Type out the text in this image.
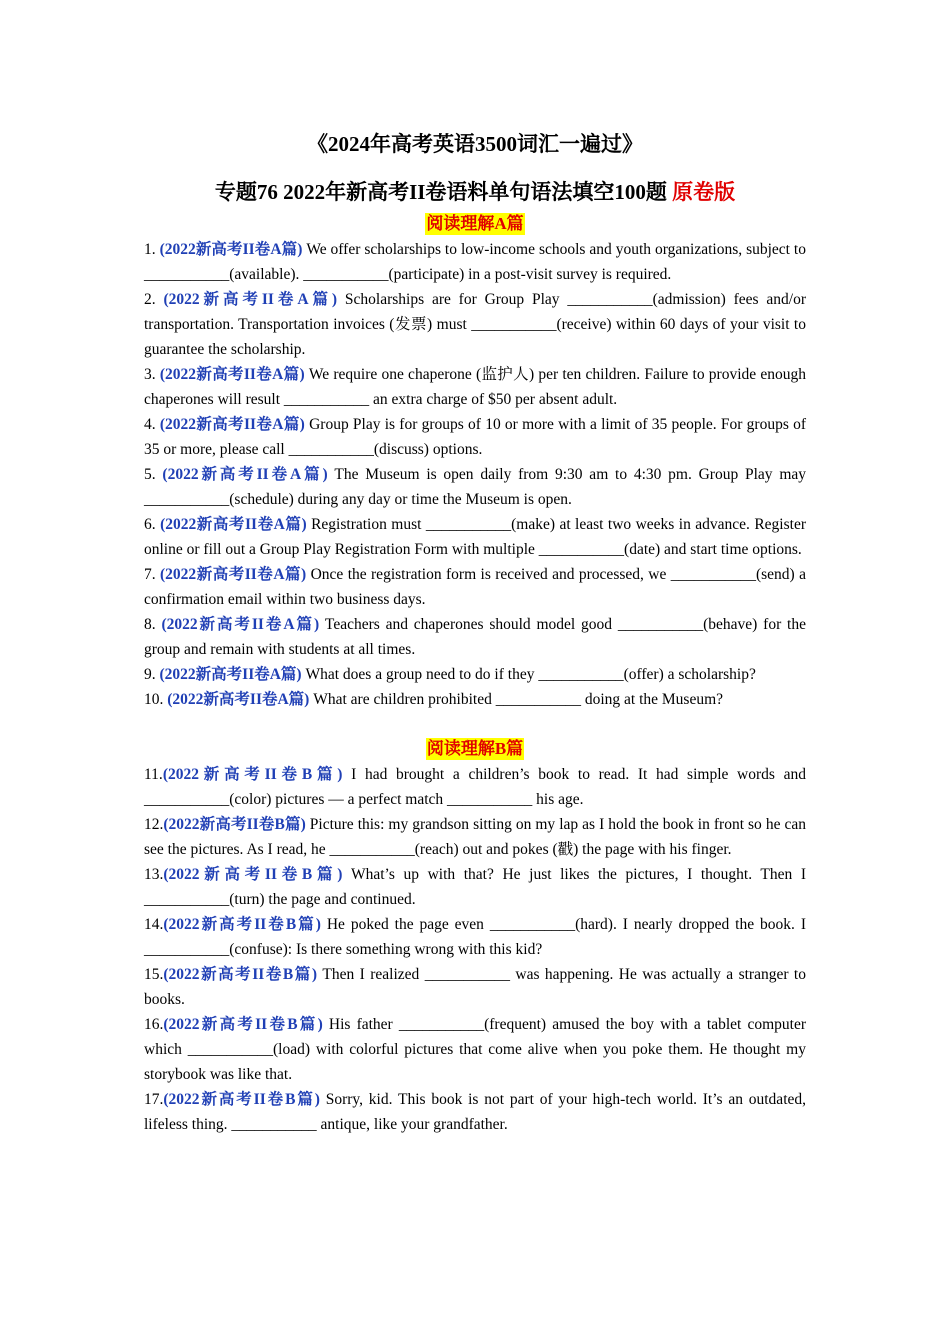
《2024年高考英语3500词汇一遍过》
专题76 2022年新高考II卷语料单句语法填空100题 原卷版
阅读理解A篇

1. (2022新高考II卷A篇) We offer scholarships to low-income schools and youth organizations, subject to ___________(available). ___________(participate) in a post-visit survey is required.

2. (2022新高考II卷A篇) Scholarships are for Group Play ___________(admission) fees and/or transportation. Transportation invoices (发票) must ___________(receive) within 60 days of your visit to guarantee the scholarship.

3. (2022新高考II卷A篇) We require one chaperone (监护人) per ten children. Failure to provide enough chaperones will result ___________ an extra charge of $50 per absent adult.

4. (2022新高考II卷A篇) Group Play is for groups of 10 or more with a limit of 35 people. For groups of 35 or more, please call ___________(discuss) options.

5. (2022新高考II卷A篇) The Museum is open daily from 9:30 am to 4:30 pm. Group Play may ___________(schedule) during any day or time the Museum is open.

6. (2022新高考II卷A篇) Registration must ___________(make) at least two weeks in advance. Register online or fill out a Group Play Registration Form with multiple ___________(date) and start time options.

7. (2022新高考II卷A篇) Once the registration form is received and processed, we ___________(send) a confirmation email within two business days.

8. (2022新高考II卷A篇) Teachers and chaperones should model good ___________(behave) for the group and remain with students at all times.

9. (2022新高考II卷A篇) What does a group need to do if they ___________(offer) a scholarship?

10. (2022新高考II卷A篇) What are children prohibited ___________ doing at the Museum?

阅读理解B篇

11.(2022新高考II卷B篇) I had brought a children’s book to read. It had simple words and ___________(color) pictures — a perfect match ___________ his age.

12.(2022新高考II卷B篇) Picture this: my grandson sitting on my lap as I hold the book in front so he can see the pictures. As I read, he ___________(reach) out and pokes (戳) the page with his finger.

13.(2022新高考II卷B篇) What’s up with that? He just likes the pictures, I thought. Then I ___________(turn) the page and continued.

14.(2022新高考II卷B篇) He poked the page even ___________(hard). I nearly dropped the book. I ___________(confuse): Is there something wrong with this kid?

15.(2022新高考II卷B篇) Then I realized ___________ was happening. He was actually a stranger to books.

16.(2022新高考II卷B篇) His father ___________(frequent) amused the boy with a tablet computer which ___________(load) with colorful pictures that come alive when you poke them. He thought my storybook was like that.

17.(2022新高考II卷B篇) Sorry, kid. This book is not part of your high-tech world. It’s an outdated, lifeless thing. ___________ antique, like your grandfather.
